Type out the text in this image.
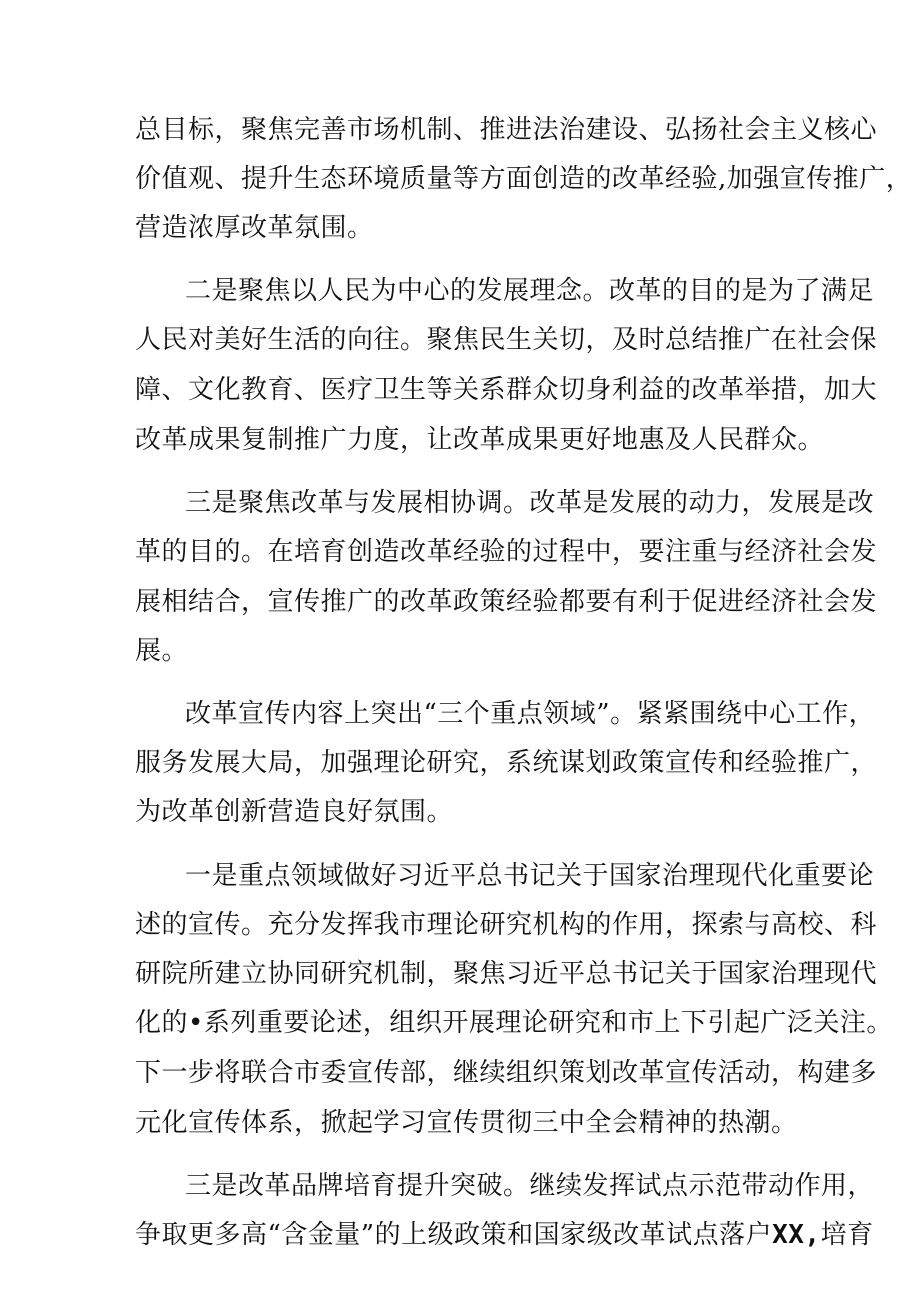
总目标，聚焦完善市场机制、推进法治建设、弘扬社会主义核心
价值观、提升生态环境质量等方面创造的改革经验,加强宣传推广，
营造浓厚改革氛围。
二是聚焦以人民为中心的发展理念。改革的目的是为了满足
人民对美好生活的向往。聚焦民生关切，及时总结推广在社会保
障、文化教育、医疗卫生等关系群众切身利益的改革举措，加大
改革成果复制推广力度，让改革成果更好地惠及人民群众。
三是聚焦改革与发展相协调。改革是发展的动力，发展是改
革的目的。在培育创造改革经验的过程中，要注重与经济社会发
展相结合，宣传推广的改革政策经验都要有利于促进经济社会发
展。
改革宣传内容上突出“三个重点领域”。紧紧围绕中心工作，
服务发展大局，加强理论研究，系统谋划政策宣传和经验推广，
为改革创新营造良好氛围。
一是重点领域做好习近平总书记关于国家治理现代化重要论
述的宣传。充分发挥我市理论研究机构的作用，探索与高校、科
研院所建立协同研究机制，聚焦习近平总书记关于国家治理现代
化的•系列重要论述，组织开展理论研究和市上下引起广泛关注。
下一步将联合市委宣传部，继续组织策划改革宣传活动，构建多
元化宣传体系，掀起学习宣传贯彻三中全会精神的热潮。
三是改革品牌培育提升突破。继续发挥试点示范带动作用，
争取更多高“含金量”的上级政策和国家级改革试点落户XX,培育
